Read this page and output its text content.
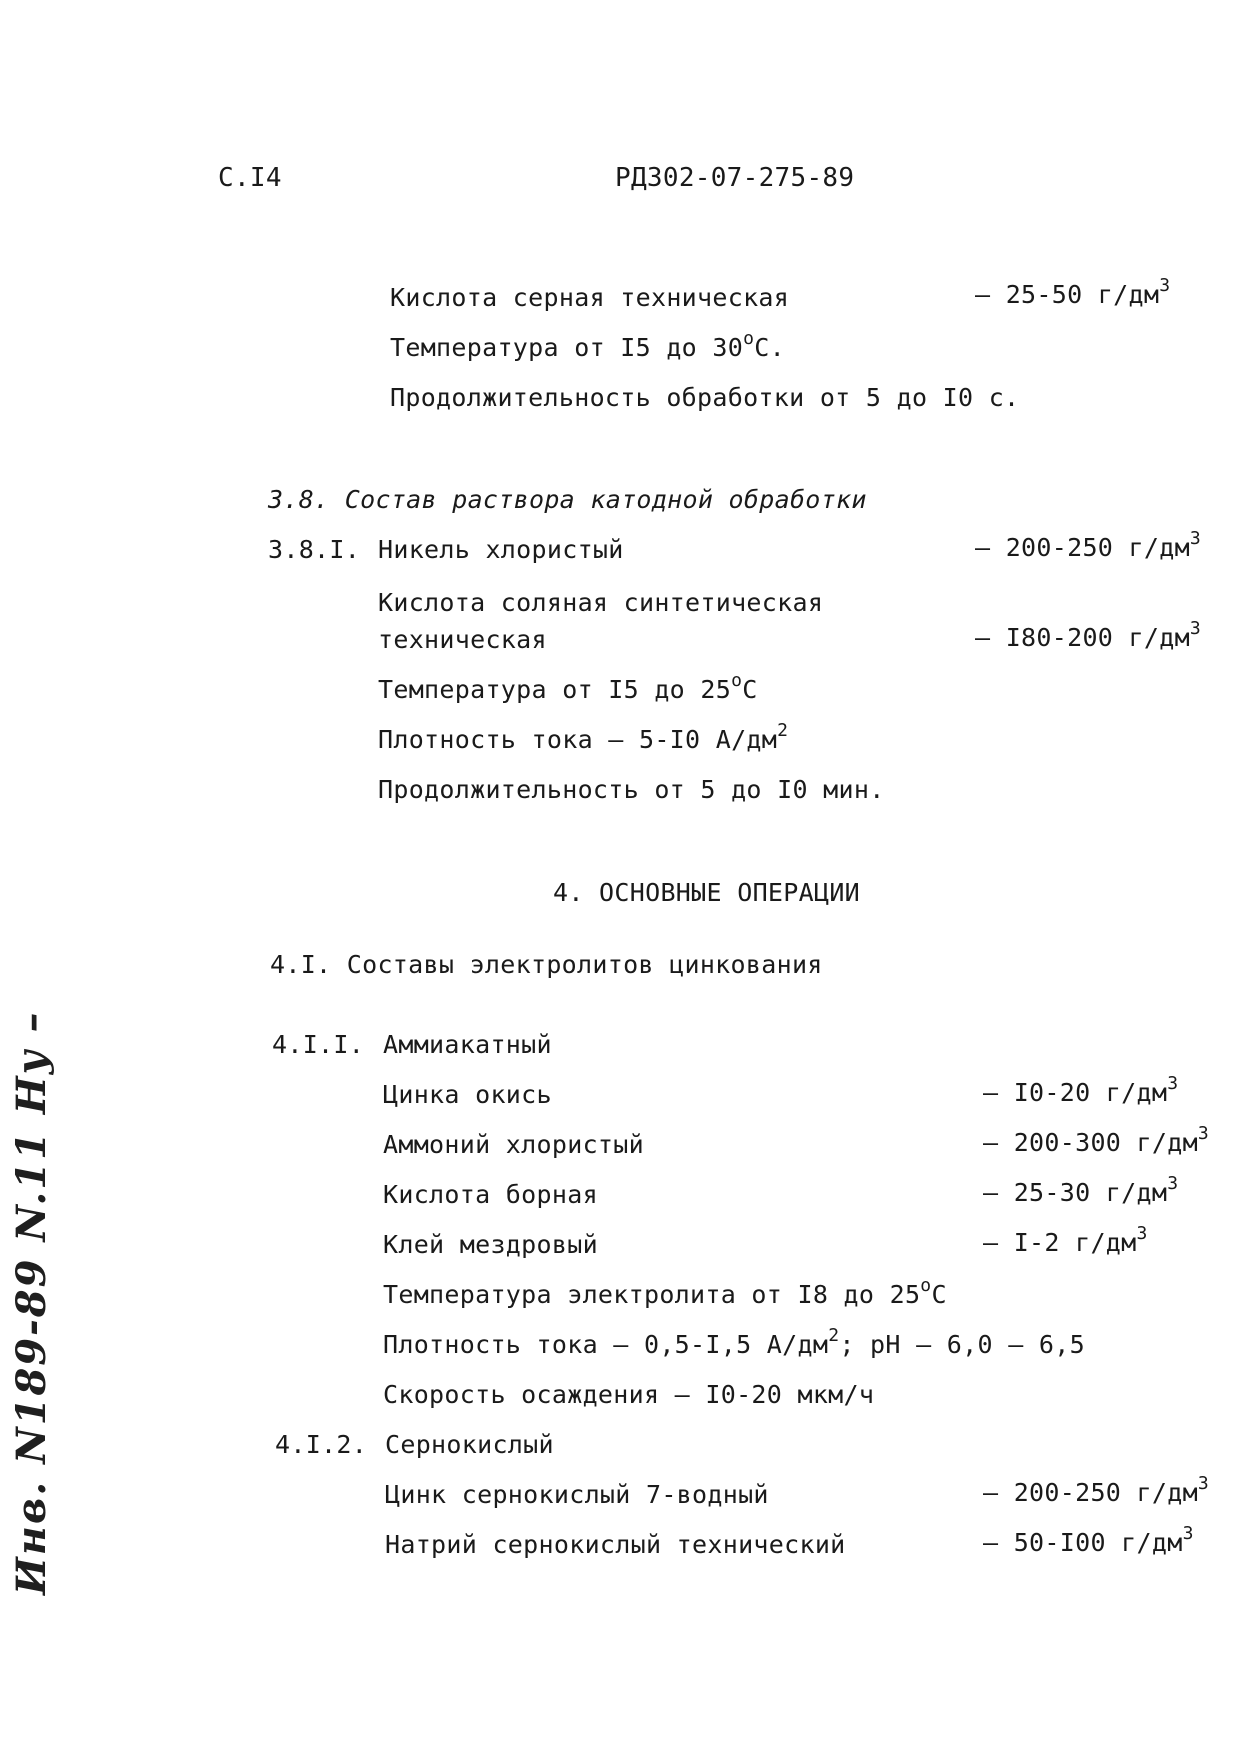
С.I4	РД302-07-275-89
Кислота серная техническая	– 25-50 $г/дм^3$
Температура от I5 до 30$^o$С.
Продолжительность обработки от 5 до I0 с.
3.8. Состав раствора катодной обработки
3.8.I. Никель хлористый	– 200-250 $г/дм^3$
Кислота соляная синтетическая
техническая	– I80-200 $г/дм^3$
Температура от I5 до 25$^o$С
Плотность тока – 5-I0 $А/дм^2$
Продолжительность от 5 до I0 мин.
4. ОСНОВНЫЕ ОПЕРАЦИИ
4.I. Составы электролитов цинкования
4.I.I. Аммиакатный
Цинка окись	– I0-20 $г/дм^3$
Аммоний хлористый	– 200-300 $г/дм^3$
Кислота борная	– 25-30 $г/дм^3$
Клей мездровый	– I-2 $г/дм^3$
Температура электролита от I8 до 25$^o$С
Плотность тока – 0,5-I,5 $А/дм^2$; рН – 6,0 – 6,5
Скорость осаждения – I0-20 мкм/ч
4.I.2. Сернокислый
Цинк сернокислый 7-водный	– 200-250 $г/дм^3$
Натрий сернокислый технический	– 50-I00 $г/дм^3$
Инв. N189-89 N.11 Ну –
